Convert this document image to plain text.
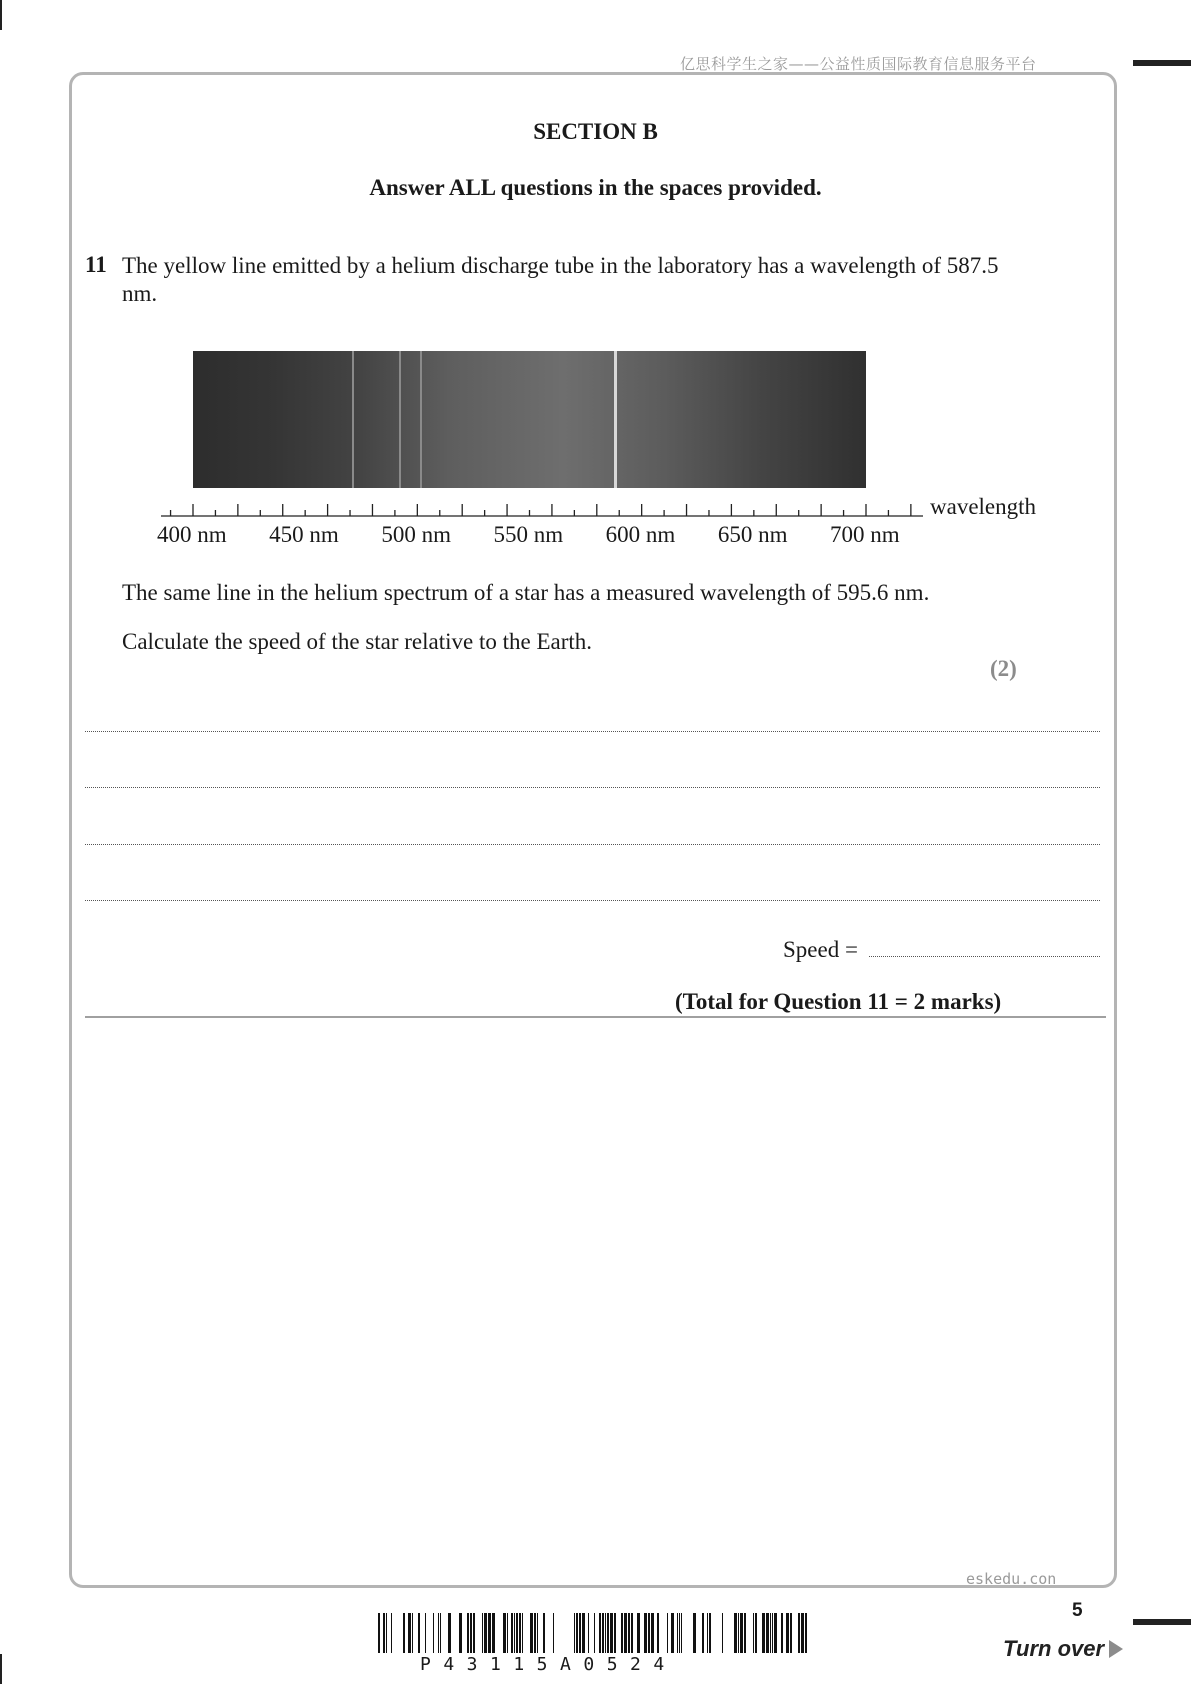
亿思科学生之家——公益性质国际教育信息服务平台
SECTION B
Answer ALL questions in the spaces provided.
11 The yellow line emitted by a helium discharge tube in the laboratory has a wavelength of 587.5 nm.
wavelength
400 nm 450 nm 500 nm 550 nm 600 nm 650 nm 700 nm
The same line in the helium spectrum of a star has a measured wavelength of 595.6 nm.
Calculate the speed of the star relative to the Earth.
(2)
Speed =
(Total for Question 11 = 2 marks)
eskedu.con
5
P43115A0524
Turn over
